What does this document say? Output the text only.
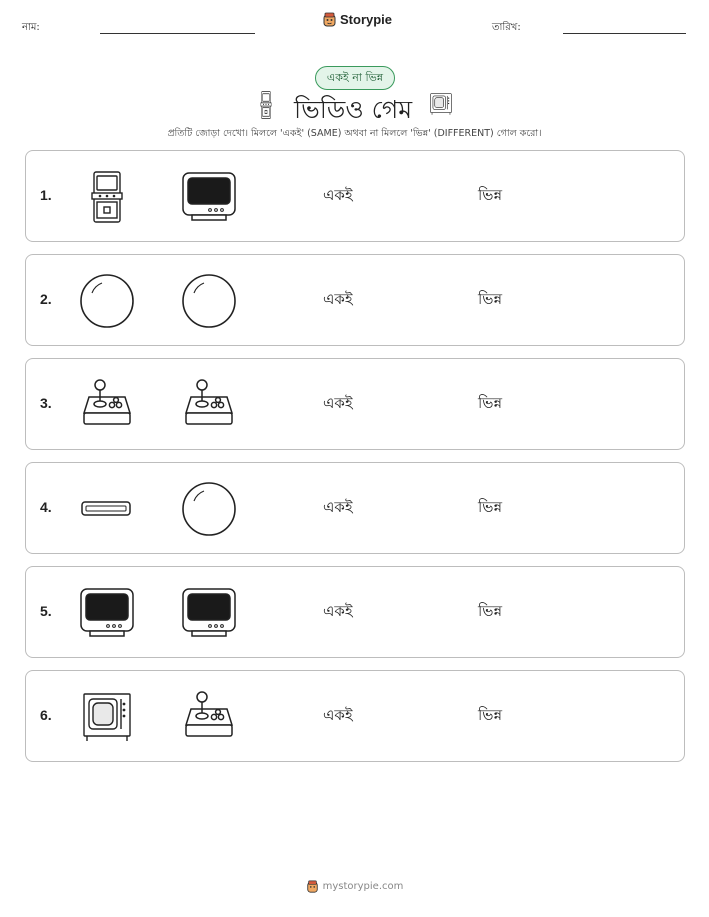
নাম:
Storypie
তারিখ:
একই না ভিন্ন
ভিডিও গেম
প্রতিটি জোড়া দেখো। মিললে 'একই' (SAME) অথবা না মিললে 'ভিন্ন' (DIFFERENT) গোল করো।
1.	একই	ভিন্ন
2.	একই	ভিন্ন
3.	একই	ভিন্ন
4.	একই	ভিন্ন
5.	একই	ভিন্ন
6.	একই	ভিন্ন
mystorypie.com
